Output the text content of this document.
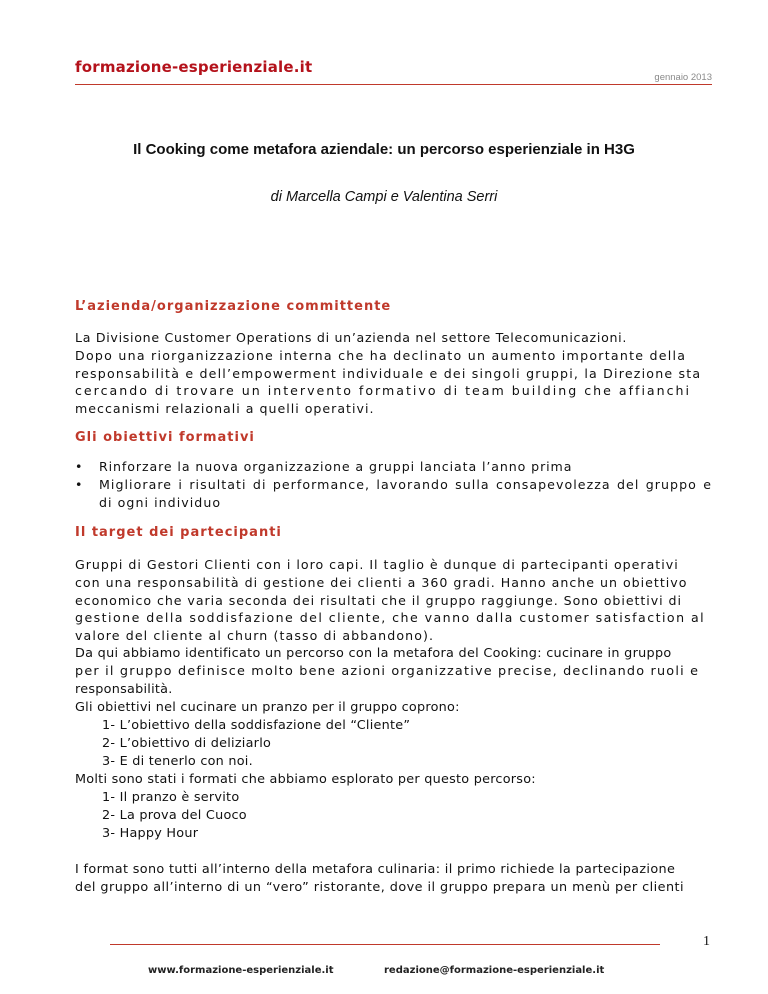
formazione-esperienziale.it
gennaio 2013
Il Cooking come metafora aziendale: un percorso esperienziale in H3G
di Marcella Campi e Valentina Serri
L’azienda/organizzazione committente
La Divisione Customer Operations di un’azienda nel settore Telecomunicazioni.
Dopo una riorganizzazione interna che ha declinato un aumento importante della
responsabilità e dell’empowerment individuale e dei singoli gruppi, la Direzione sta
cercando di trovare un intervento formativo di team building che affianchi
meccanismi relazionali a quelli operativi.
Gli obiettivi formativi
• Rinforzare la nuova organizzazione a gruppi lanciata l’anno prima
• Migliorare i risultati di performance, lavorando sulla consapevolezza del gruppo e di ogni individuo
Il target dei partecipanti
Gruppi di Gestori Clienti con i loro capi. Il taglio è dunque di partecipanti operativi
con una responsabilità di gestione dei clienti a 360 gradi. Hanno anche un obiettivo
economico che varia seconda dei risultati che il gruppo raggiunge. Sono obiettivi di
gestione della soddisfazione del cliente, che vanno dalla customer satisfaction al
valore del cliente al churn (tasso di abbandono).
Da qui abbiamo identificato un percorso con la metafora del Cooking: cucinare in gruppo
per il gruppo definisce molto bene azioni organizzative precise, declinando ruoli e
responsabilità.
Gli obiettivi nel cucinare un pranzo per il gruppo coprono:
1- L’obiettivo della soddisfazione del “Cliente”
2- L’obiettivo di deliziarlo
3- E di tenerlo con noi.
Molti sono stati i formati che abbiamo esplorato per questo percorso:
1- Il pranzo è servito
2- La prova del Cuoco
3- Happy Hour
I format sono tutti all’interno della metafora culinaria: il primo richiede la partecipazione
del gruppo all’interno di un “vero” ristorante, dove il gruppo prepara un menù per clienti
1
www.formazione-esperienziale.it	redazione@formazione-esperienziale.it
